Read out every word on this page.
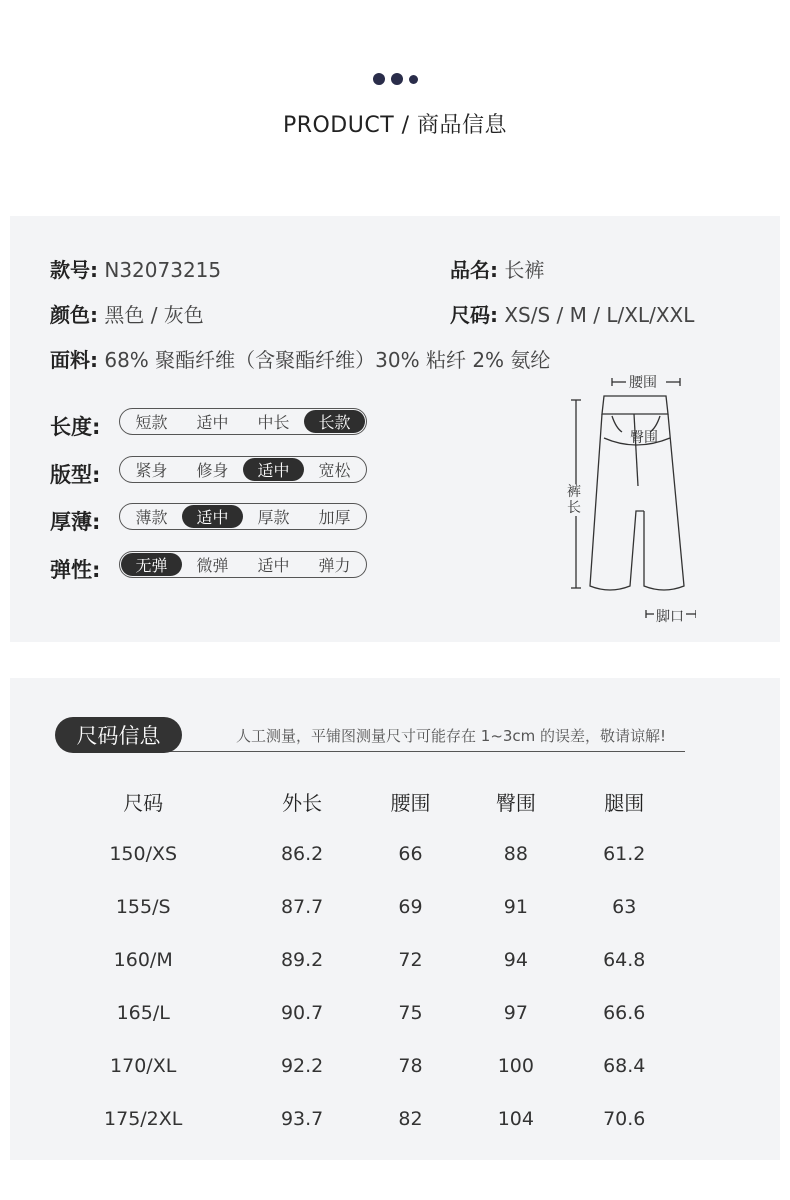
PRODUCT / 商品信息
款号: N32073215	品名: 长裤
颜色: 黑色 / 灰色	尺码: XS/S / M / L/XL/XXL
面料: 68% 聚酯纤维（含聚酯纤维）30% 粘纤 2% 氨纶
长度:	短款	适中	中长	长款
版型:	紧身	修身	适中	宽松
厚薄:	薄款	适中	厚款	加厚
弹性:	无弹	微弹	适中	弹力
腰围
臀围
裤长
脚口
尺码信息	人工测量，平铺图测量尺寸可能存在 1~3cm 的误差，敬请谅解!
尺码	外长	腰围	臀围	腿围
150/XS	86.2	66	88	61.2
155/S	87.7	69	91	63
160/M	89.2	72	94	64.8
165/L	90.7	75	97	66.6
170/XL	92.2	78	100	68.4
175/2XL	93.7	82	104	70.6
